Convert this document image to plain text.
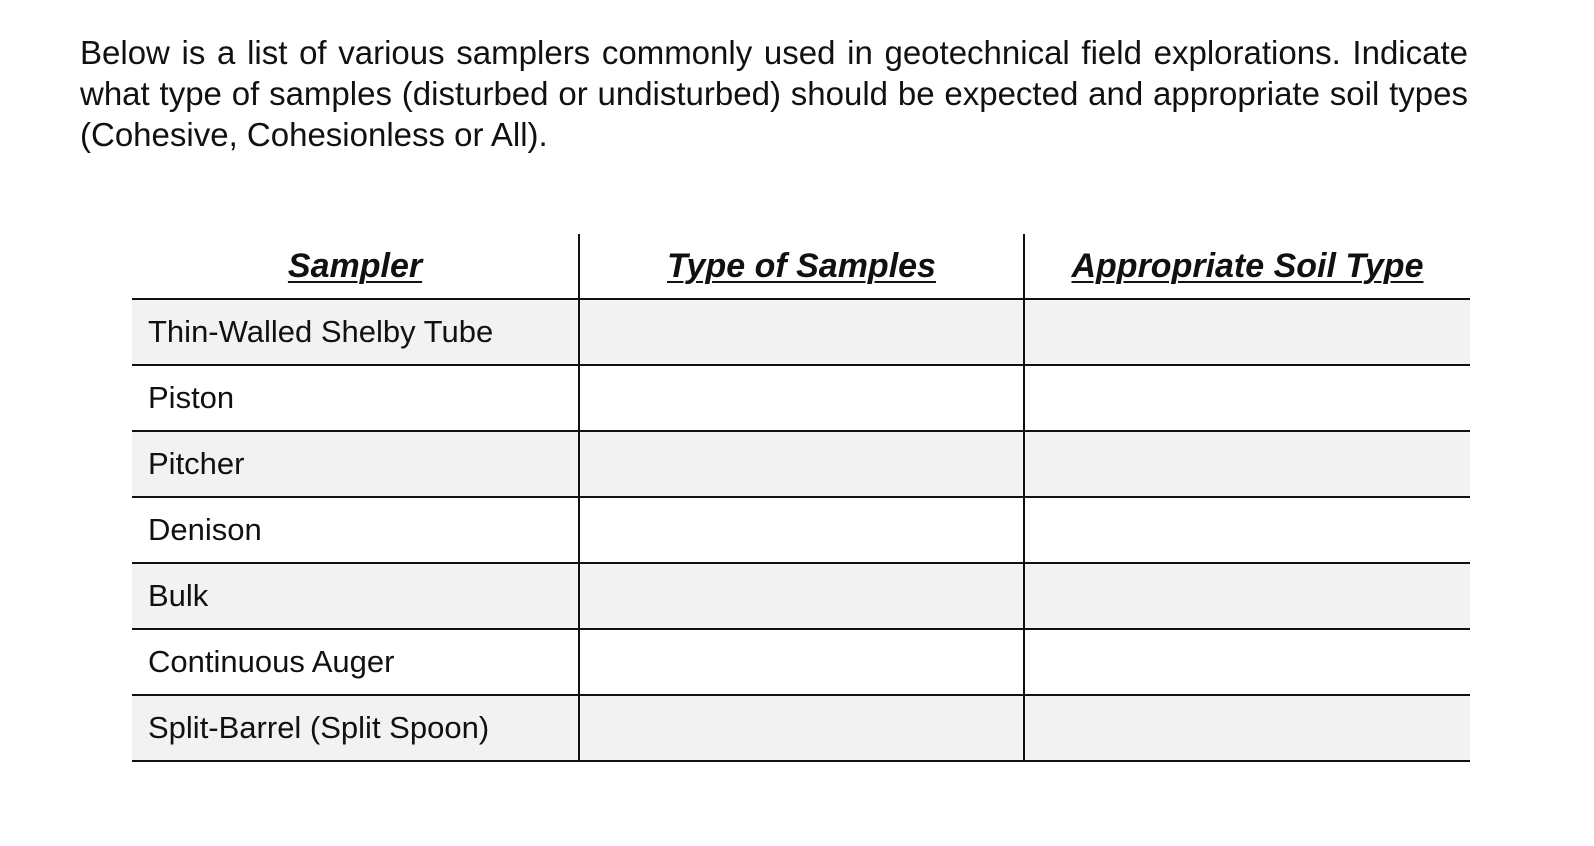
Below is a list of various samplers commonly used in geotechnical field explorations. Indicate what type of samples (disturbed or undisturbed) should be expected and appropriate soil types (Cohesive, Cohesionless or All).

Sampler	Type of Samples	Appropriate Soil Type
Thin-Walled Shelby Tube		
Piston		
Pitcher		
Denison		
Bulk		
Continuous Auger		
Split-Barrel (Split Spoon)		
